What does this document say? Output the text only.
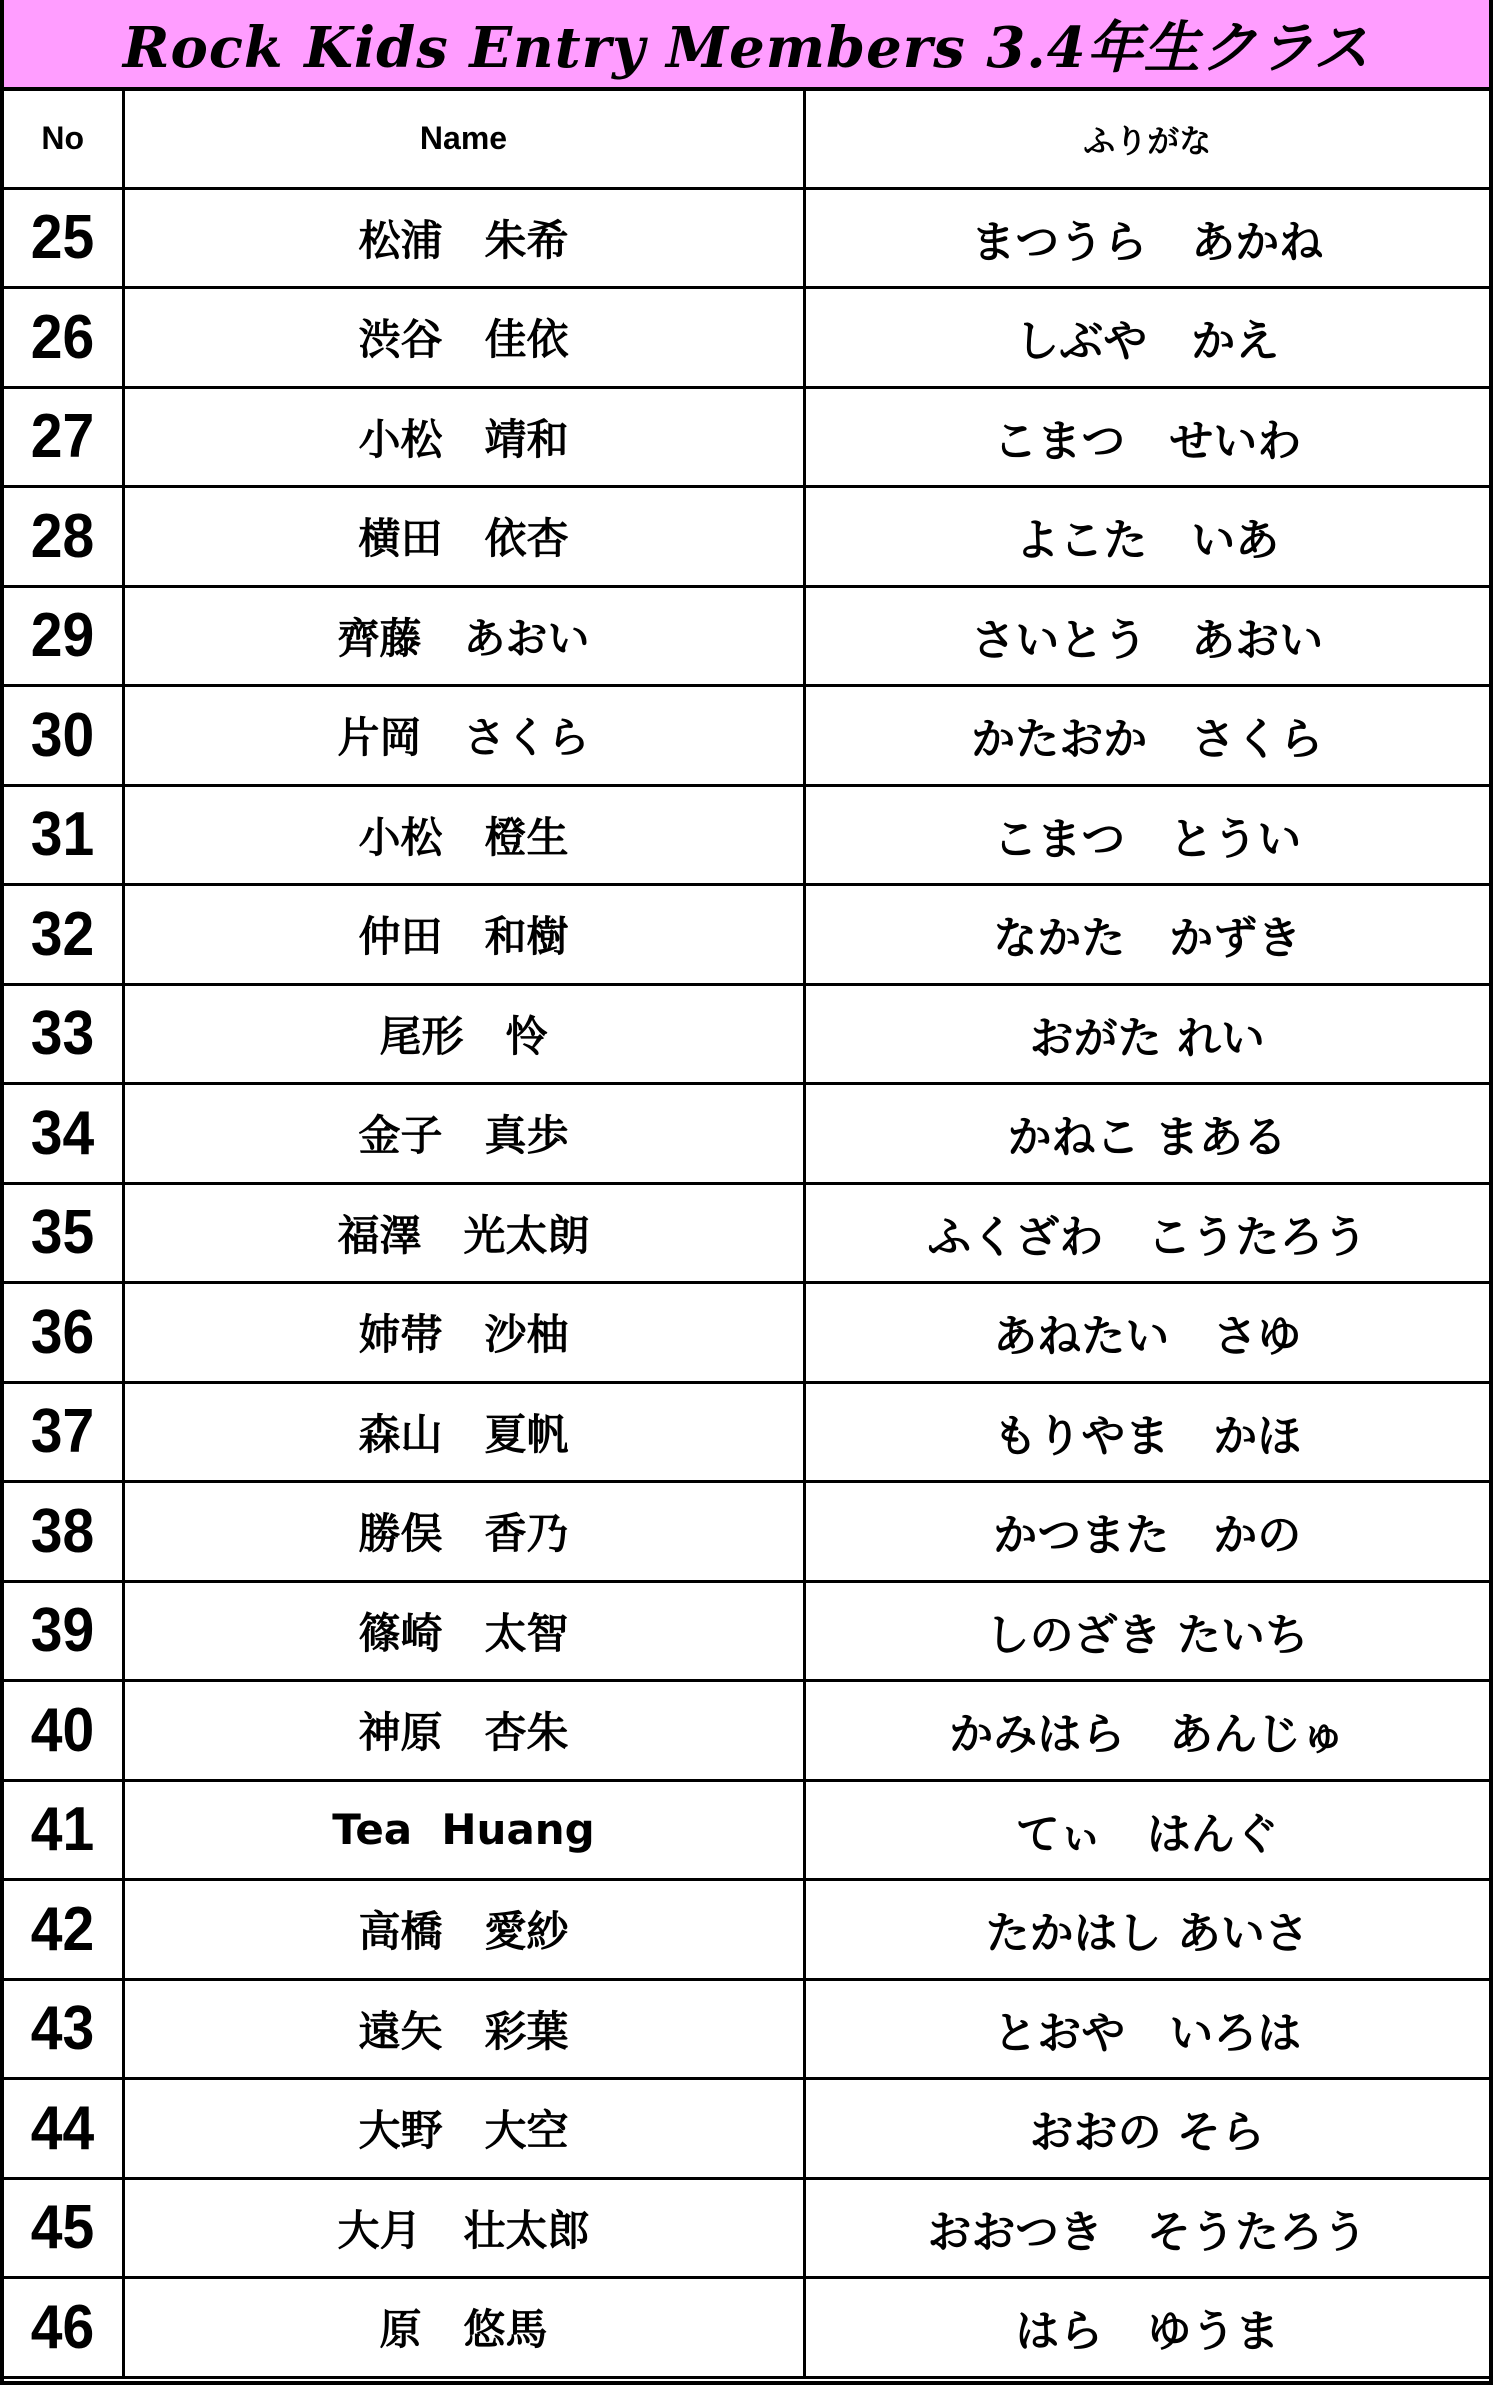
Rock Kids Entry Members 3.4年生クラス
No	Name	ふりがな
25	松浦　朱希	まつうら　あかね
26	渋谷　佳依	しぶや　かえ
27	小松　靖和	こまつ　せいわ
28	横田　依杏	よこた　いあ
29	齊藤　あおい	さいとう　あおい
30	片岡　さくら	かたおか　さくら
31	小松　橙生	こまつ　とうい
32	仲田　和樹	なかた　かずき
33	尾形　怜	おがた れい
34	金子　真歩	かねこ まある
35	福澤　光太朗	ふくざわ　こうたろう
36	姉帯　沙柚	あねたい　さゆ
37	森山　夏帆	もりやま　かほ
38	勝俣　香乃	かつまた　かの
39	篠崎　太智	しのざき たいち
40	神原　杏朱	かみはら　あんじゅ
41	Tea  Huang	てぃ　はんぐ
42	高橋　愛紗	たかはし あいさ
43	遠矢　彩葉	とおや　いろは
44	大野　大空	おおの そら
45	大月　壮太郎	おおつき　そうたろう
46	原　悠馬	はら　ゆうま
